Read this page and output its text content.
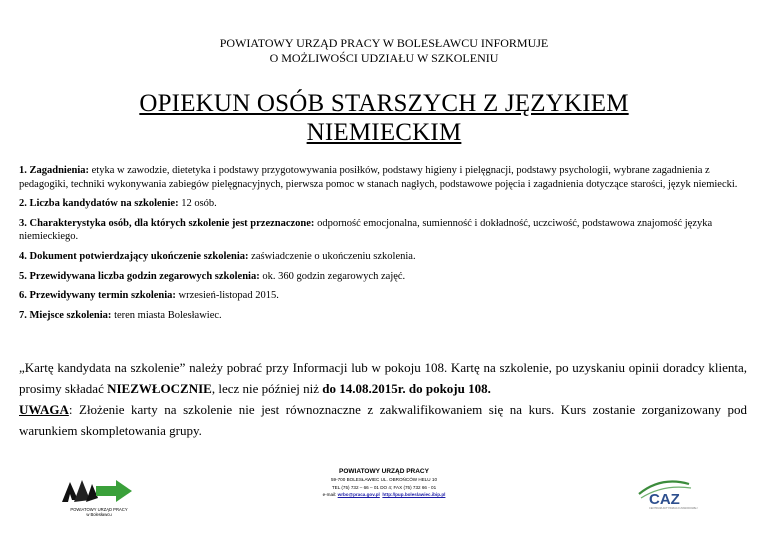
POWIATOWY URZĄD PRACY W BOLESŁAWCU INFORMUJE
O MOŻLIWOŚCI UDZIAŁU W SZKOLENIU
OPIEKUN OSÓB STARSZYCH Z JĘZYKIEM
NIEMIECKIM
1. Zagadnienia: etyka w zawodzie, dietetyka i podstawy przygotowywania posiłków, podstawy higieny i pielęgnacji, podstawy psychologii, wybrane zagadnienia z pedagogiki, techniki wykonywania zabiegów pielęgnacyjnych, pierwsza pomoc w stanach nagłych, podstawowe pojęcia i zagadnienia dotyczące starości, język niemiecki.
2. Liczba kandydatów na szkolenie: 12 osób.
3. Charakterystyka osób, dla których szkolenie jest przeznaczone: odporność emocjonalna, sumienność i dokładność, uczciwość, podstawowa znajomość języka niemieckiego.
4. Dokument potwierdzający ukończenie szkolenia: zaświadczenie o ukończeniu szkolenia.
5. Przewidywana liczba godzin zegarowych szkolenia: ok. 360 godzin zegarowych zajęć.
6. Przewidywany termin szkolenia: wrzesień-listopad 2015.
7. Miejsce szkolenia: teren miasta Bolesławiec.
„Kartę kandydata na szkolenie” należy pobrać przy Informacji lub w pokoju 108. Kartę na szkolenie, po uzyskaniu opinii doradcy klienta, prosimy składać NIEZWŁOCZNIE, lecz nie później niż do 14.08.2015r. do pokoju 108.
UWAGA: Złożenie karty na szkolenie nie jest równoznaczne z zakwalifikowaniem się na kurs. Kurs zostanie zorganizowany pod warunkiem skompletowania grupy.
POWIATOWY URZĄD PRACY
w Bolesławcu
POWIATOWY URZĄD PRACY
59-700 BOLESŁAWIEC UL. OBROŃCÓW HELU 10
TEL (75) 732 – 66 – 01 DO 4; FAX (75) 732 66 - 01
e-mail: wrbo@praca.gov.pl http://pup.boleslawiec.ibip.pl	CAZ
CENTRUM AKTYWIZACJI ZAWODOWEJ
